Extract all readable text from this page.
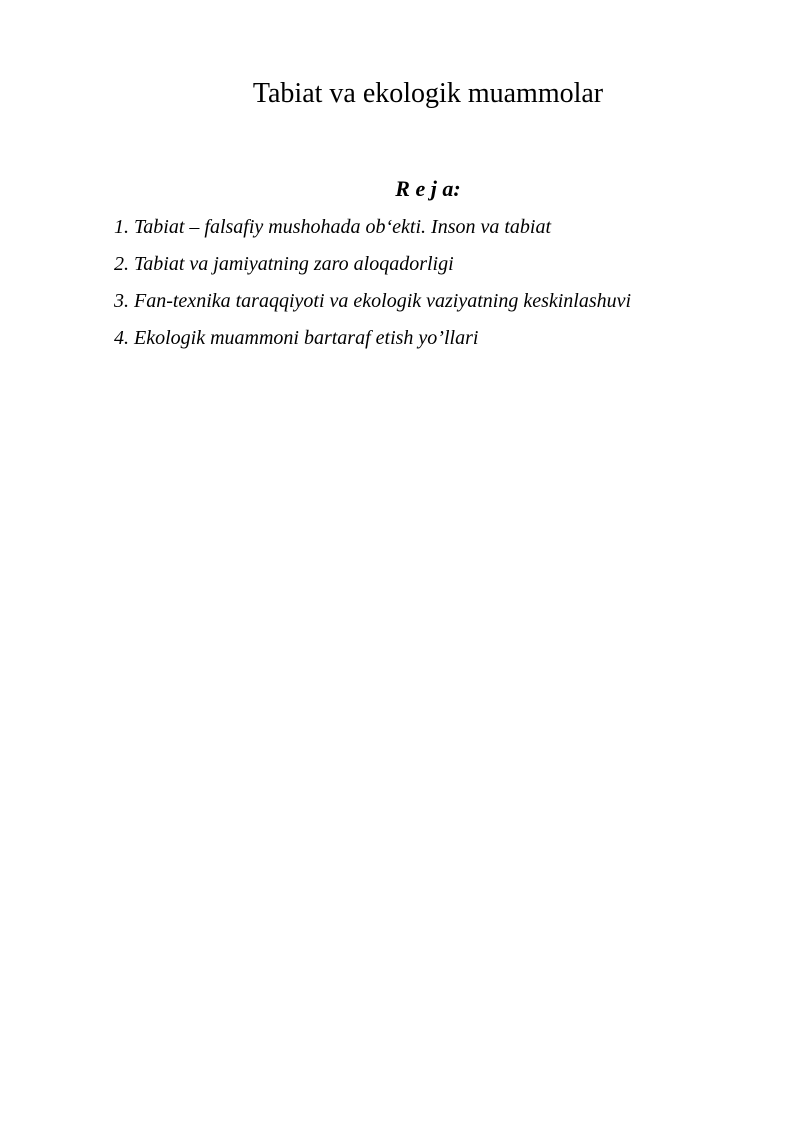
Tabiat va ekologik muammolar
R e j a:
1. Tabiat – falsafiy mushohada ob‘ekti. Inson va tabiat
2. Tabiat va jamiyatning zaro aloqadorligi
3. Fan-texnika taraqqiyoti va ekologik vaziyatning keskinlashuvi
4. Ekologik muammoni bartaraf etish yo’llari
